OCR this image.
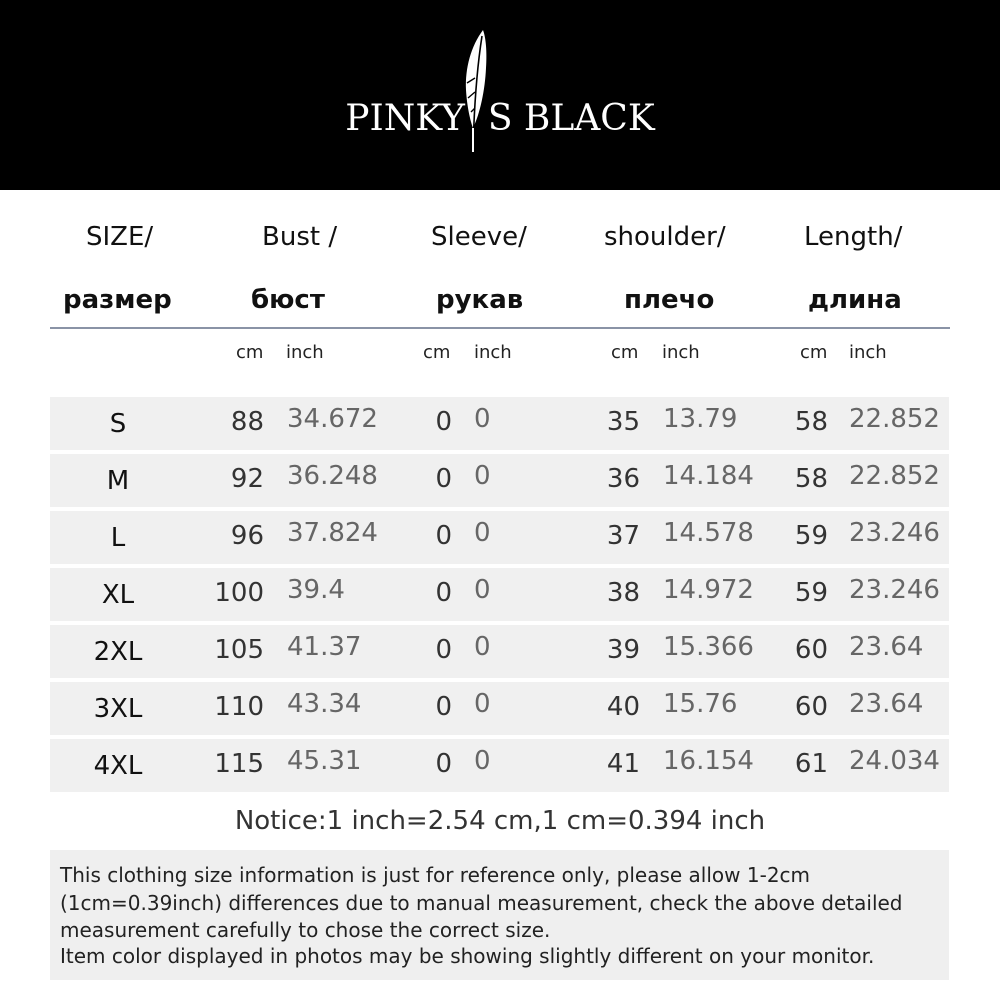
PINKY S BLACK
SIZE/
размер
Bust /
бюст
Sleeve/
рукав
shoulder/
плечо
Length/
длина
cm inch	cm inch	cm inch	cm inch
S	88 34.672	0 0	35 13.79	58 22.852
M	92 36.248	0 0	36 14.184	58 22.852
L	96 37.824	0 0	37 14.578	59 23.246
XL	100 39.4	0 0	38 14.972	59 23.246
2XL	105 41.37	0 0	39 15.366	60 23.64
3XL	110 43.34	0 0	40 15.76	60 23.64
4XL	115 45.31	0 0	41 16.154	61 24.034
Notice:1 inch=2.54 cm,1 cm=0.394 inch
This clothing size information is just for reference only, please allow 1-2cm
(1cm=0.39inch) differences due to manual measurement, check the above detailed
measurement carefully to chose the correct size.
Item color displayed in photos may be showing slightly different on your monitor.
